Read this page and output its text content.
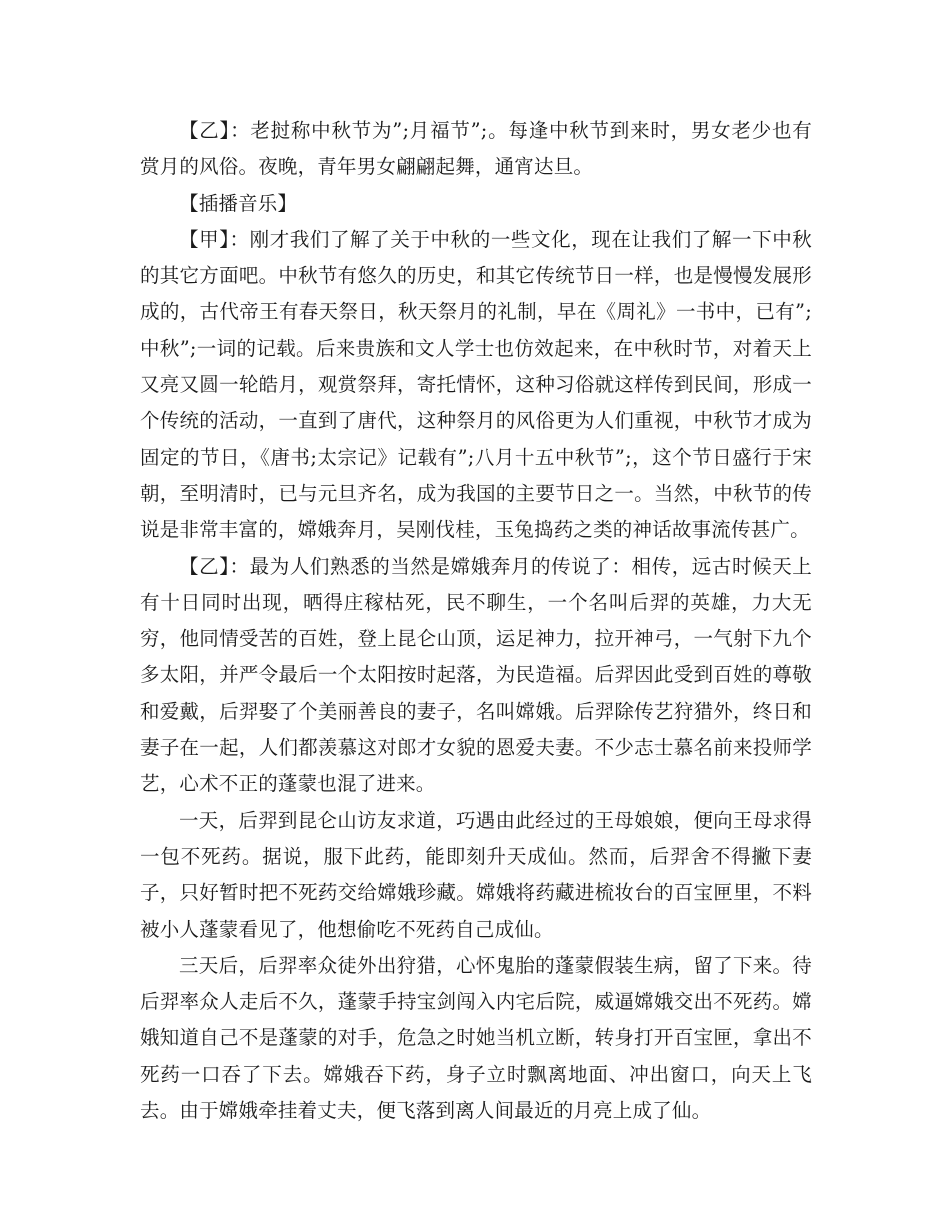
【乙】：老挝称中秋节为”;月福节”;。每逢中秋节到来时，男女老少也有赏月的风俗。夜晚，青年男女翩翩起舞，通宵达旦。

【插播音乐】

【甲】：刚才我们了解了关于中秋的一些文化，现在让我们了解一下中秋的其它方面吧。中秋节有悠久的历史，和其它传统节日一样，也是慢慢发展形成的，古代帝王有春天祭日，秋天祭月的礼制，早在《周礼》一书中，已有”;中秋”;一词的记载。后来贵族和文人学士也仿效起来，在中秋时节，对着天上又亮又圆一轮皓月，观赏祭拜，寄托情怀，这种习俗就这样传到民间，形成一个传统的活动，一直到了唐代，这种祭月的风俗更为人们重视，中秋节才成为固定的节日，《唐书;太宗记》记载有”;八月十五中秋节”;，这个节日盛行于宋朝，至明清时，已与元旦齐名，成为我国的主要节日之一。当然，中秋节的传说是非常丰富的，嫦娥奔月，吴刚伐桂，玉兔捣药之类的神话故事流传甚广。

【乙】：最为人们熟悉的当然是嫦娥奔月的传说了：相传，远古时候天上有十日同时出现，晒得庄稼枯死，民不聊生，一个名叫后羿的英雄，力大无穷，他同情受苦的百姓，登上昆仑山顶，运足神力，拉开神弓，一气射下九个多太阳，并严令最后一个太阳按时起落，为民造福。后羿因此受到百姓的尊敬和爱戴，后羿娶了个美丽善良的妻子，名叫嫦娥。后羿除传艺狩猎外，终日和妻子在一起，人们都羡慕这对郎才女貌的恩爱夫妻。不少志士慕名前来投师学艺，心术不正的蓬蒙也混了进来。

一天，后羿到昆仑山访友求道，巧遇由此经过的王母娘娘，便向王母求得一包不死药。据说，服下此药，能即刻升天成仙。然而，后羿舍不得撇下妻子，只好暂时把不死药交给嫦娥珍藏。嫦娥将药藏进梳妆台的百宝匣里，不料被小人蓬蒙看见了，他想偷吃不死药自己成仙。

三天后，后羿率众徒外出狩猎，心怀鬼胎的蓬蒙假装生病，留了下来。待后羿率众人走后不久，蓬蒙手持宝剑闯入内宅后院，威逼嫦娥交出不死药。嫦娥知道自己不是蓬蒙的对手，危急之时她当机立断，转身打开百宝匣，拿出不死药一口吞了下去。嫦娥吞下药，身子立时飘离地面、冲出窗口，向天上飞去。由于嫦娥牵挂着丈夫，便飞落到离人间最近的月亮上成了仙。
